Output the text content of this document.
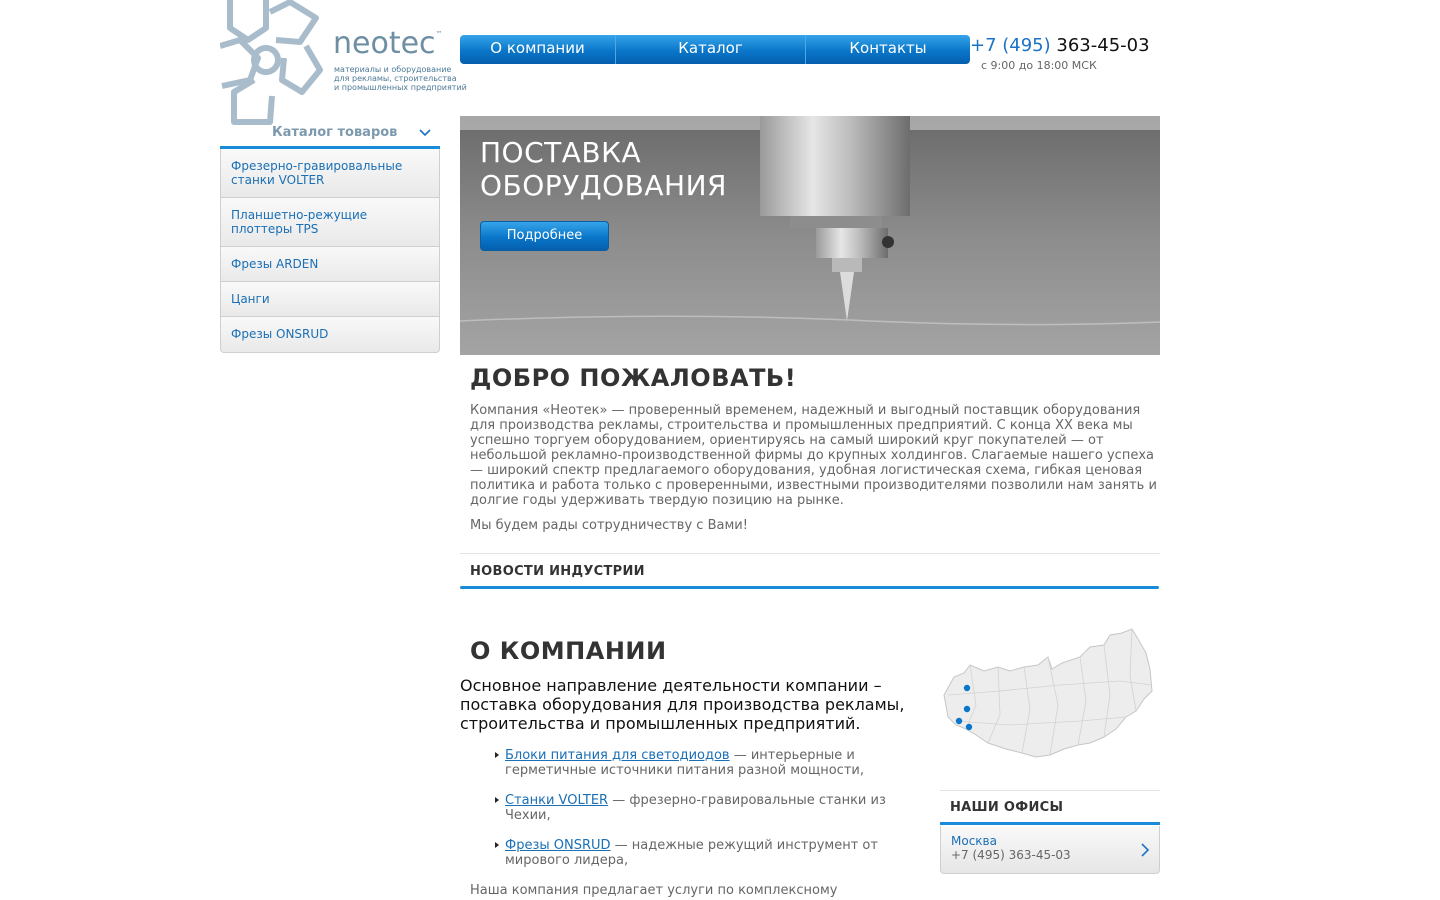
neotec™
материалы и оборудование
для рекламы, строительства
и промышленных предприятий
О компании	Каталог	Контакты	+7 (495) 363-45-03
с 9:00 до 18:00 МСК
Каталог товаров
Фрезерно-гравировальные станки VOLTER
Планшетно-режущие плоттеры TPS
Фрезы ARDEN
Цанги
Фрезы ONSRUD
ПОСТАВКА ОБОРУДОВАНИЯ
Подробнее
ДОБРО ПОЖАЛОВАТЬ!

Компания «Неотек» — проверенный временем, надежный и выгодный поставщик оборудования для производства рекламы, строительства и промышленных предприятий. С конца XX века мы успешно торгуем оборудованием, ориентируясь на самый широкий круг покупателей — от небольшой рекламно-производственной фирмы до крупных холдингов. Слагаемые нашего успеха — широкий спектр предлагаемого оборудования, удобная логистическая схема, гибкая ценовая политика и работа только с проверенными, известными производителями позволили нам занять и долгие годы удерживать твердую позицию на рынке.

Мы будем рады сотрудничеству с Вами!

НОВОСТИ ИНДУСТРИИ
О КОМПАНИИ

Основное направление деятельности компании – поставка оборудования для производства рекламы, строительства и промышленных предприятий.

Блоки питания для светодиодов — интерьерные и герметичные источники питания разной мощности,
Станки VOLTER — фрезерно-гравировальные станки из Чехии,
Фрезы ONSRUD — надежные режущий инструмент от мирового лидера,

Наша компания предлагает услуги по комплексному

НАШИ ОФИСЫ
Москва
+7 (495) 363-45-03
